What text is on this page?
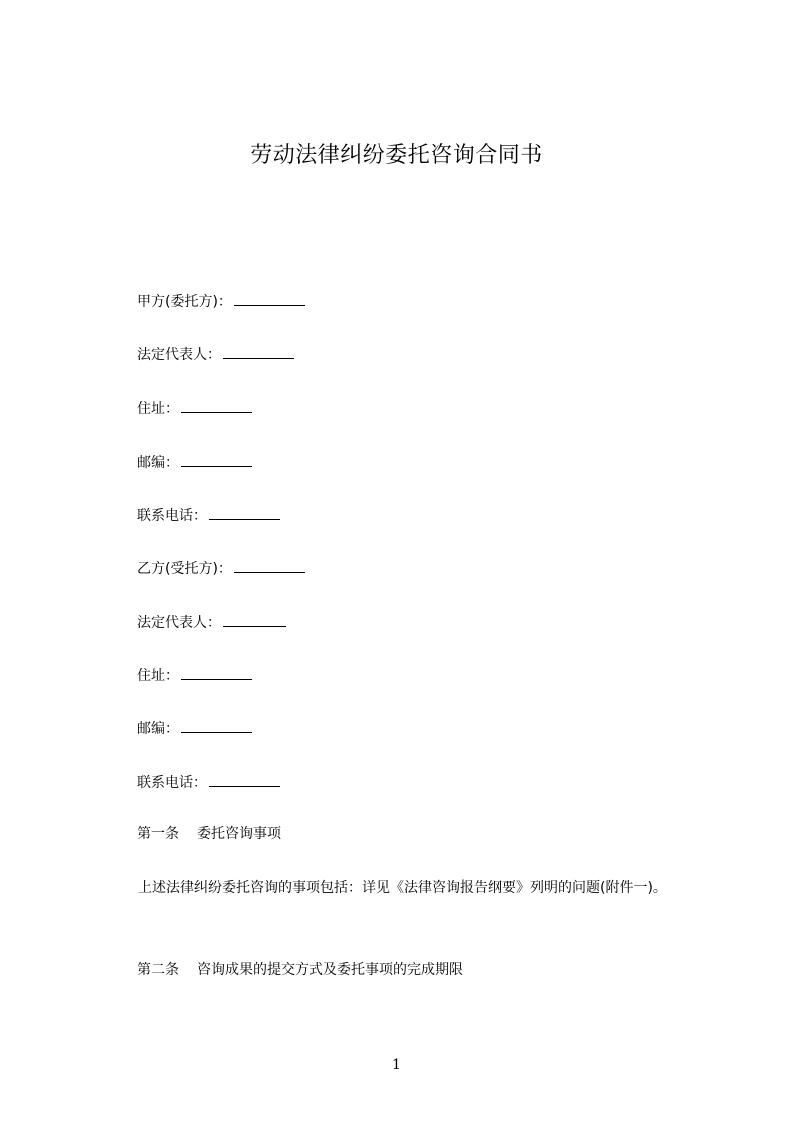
劳动法律纠纷委托咨询合同书
甲方(委托方)：
法定代表人：
住址：
邮编：
联系电话：
乙方(受托方)：
法定代表人：
住址：
邮编：
联系电话：
第一条 委托咨询事项
上述法律纠纷委托咨询的事项包括：详见《法律咨询报告纲要》列明的问题(附件一)。
第二条 咨询成果的提交方式及委托事项的完成期限
1
